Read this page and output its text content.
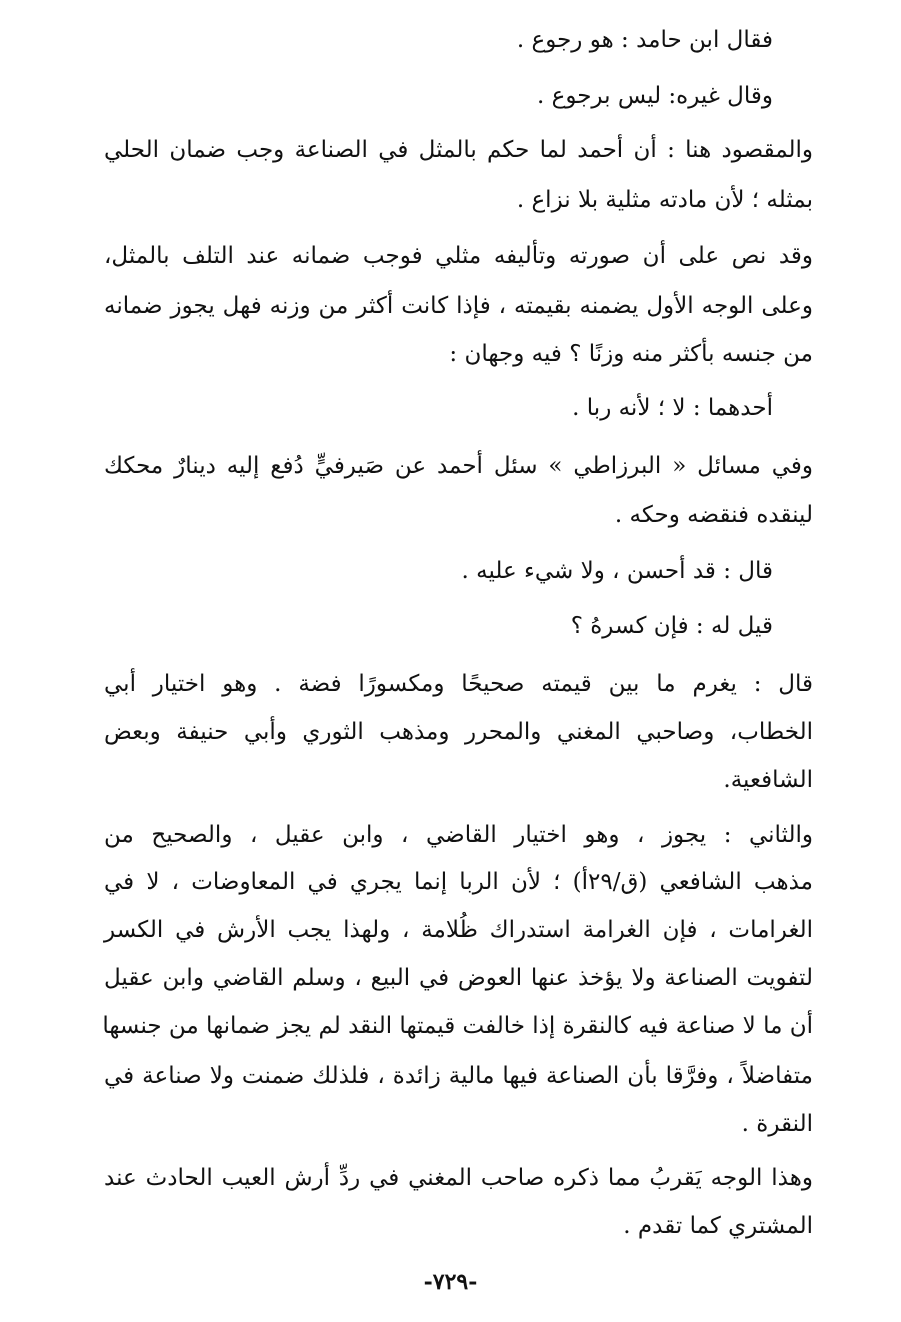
فقال ابن حامد : هو رجوع .
وقال غيره: ليس برجوع .
والمقصود هنا : أن أحمد لما حكم بالمثل في الصناعة وجب ضمان الحلي
بمثله ؛ لأن مادته مثلية بلا نزاع .
وقد نص على أن صورته وتأليفه مثلي فوجب ضمانه عند التلف بالمثل،
وعلى الوجه الأول يضمنه بقيمته ، فإذا كانت أكثر من وزنه فهل يجوز ضمانه
من جنسه بأكثر منه وزنًا ؟ فيه وجهان :
أحدهما : لا ؛ لأنه ربا .
وفي مسائل « البرزاطي » سئل أحمد عن صَيرفيٍّ دُفع إليه دينارٌ محكك
لينقده فنقضه وحكه .
قال : قد أحسن ، ولا شيء عليه .
قيل له : فإن كسرهُ ؟
قال : يغرم ما بين قيمته صحيحًا ومكسورًا فضة . وهو اختيار أبي
الخطاب، وصاحبي المغني والمحرر ومذهب الثوري وأبي حنيفة وبعض
الشافعية.
والثاني : يجوز ، وهو اختيار القاضي ، وابن عقيل ، والصحيح من
مذهب الشافعي (ق/٢٩أ) ؛ لأن الربا إنما يجري في المعاوضات ، لا في
الغرامات ، فإن الغرامة استدراك ظُلامة ، ولهذا يجب الأرش في الكسر
لتفويت الصناعة ولا يؤخذ عنها العوض في البيع ، وسلم القاضي وابن عقيل
أن ما لا صناعة فيه كالنقرة إذا خالفت قيمتها النقد لم يجز ضمانها من جنسها
متفاضلاً ، وفرَّقا بأن الصناعة فيها مالية زائدة ، فلذلك ضمنت ولا صناعة في
النقرة .
وهذا الوجه يَقربُ مما ذكره صاحب المغني في ردِّ أرش العيب الحادث عند
المشتري كما تقدم .
-٧٢٩-
